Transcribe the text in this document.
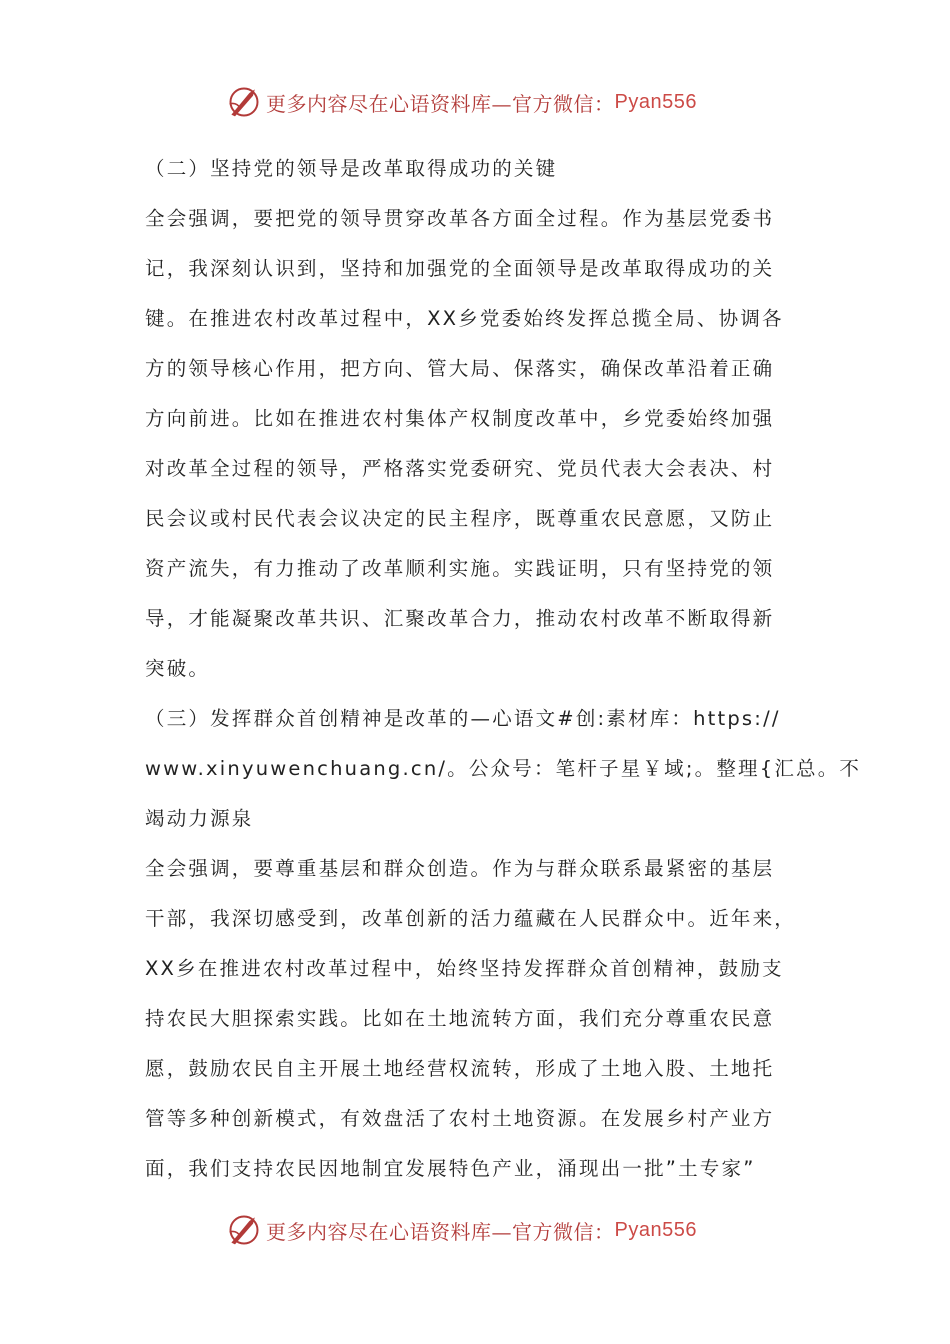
更多内容尽在心语资料库—官方微信： Pyan556
（二）坚持党的领导是改革取得成功的关键
全会强调，要把党的领导贯穿改革各方面全过程。作为基层党委书
记，我深刻认识到，坚持和加强党的全面领导是改革取得成功的关
键。在推进农村改革过程中，XX乡党委始终发挥总揽全局、协调各
方的领导核心作用，把方向、管大局、保落实，确保改革沿着正确
方向前进。比如在推进农村集体产权制度改革中，乡党委始终加强
对改革全过程的领导，严格落实党委研究、党员代表大会表决、村
民会议或村民代表会议决定的民主程序，既尊重农民意愿，又防止
资产流失，有力推动了改革顺利实施。实践证明，只有坚持党的领
导，才能凝聚改革共识、汇聚改革合力，推动农村改革不断取得新
突破。
（三）发挥群众首创精神是改革的—心语文#创:素材库：https://
www.xinyuwenchuang.cn/。公众号：笔杆子星￥域;。整理{汇总。不
竭动力源泉
全会强调，要尊重基层和群众创造。作为与群众联系最紧密的基层
干部，我深切感受到，改革创新的活力蕴藏在人民群众中。近年来，
XX乡在推进农村改革过程中，始终坚持发挥群众首创精神，鼓励支
持农民大胆探索实践。比如在土地流转方面，我们充分尊重农民意
愿，鼓励农民自主开展土地经营权流转，形成了土地入股、土地托
管等多种创新模式，有效盘活了农村土地资源。在发展乡村产业方
面，我们支持农民因地制宜发展特色产业，涌现出一批”土专家”
更多内容尽在心语资料库—官方微信： Pyan556
